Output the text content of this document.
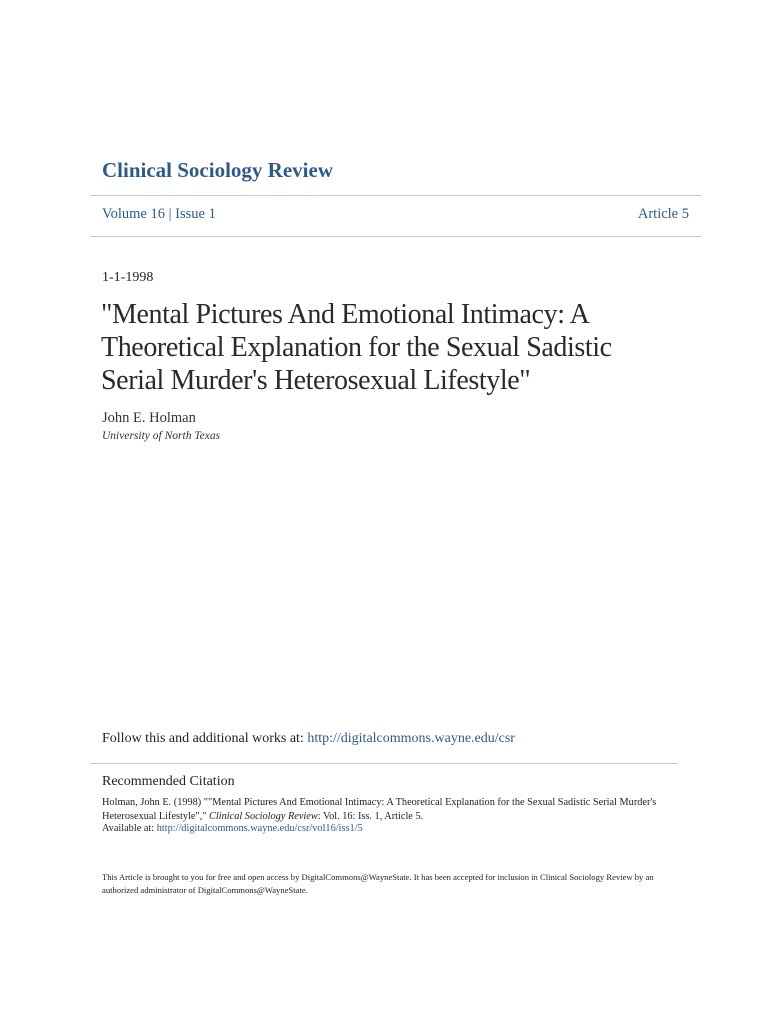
Clinical Sociology Review
Volume 16 | Issue 1	Article 5
1-1-1998
"Mental Pictures And Emotional Intimacy: A Theoretical Explanation for the Sexual Sadistic Serial Murder's Heterosexual Lifestyle"
John E. Holman
University of North Texas
Follow this and additional works at: http://digitalcommons.wayne.edu/csr
Recommended Citation
Holman, John E. (1998) ""Mental Pictures And Emotional Intimacy: A Theoretical Explanation for the Sexual Sadistic Serial Murder's Heterosexual Lifestyle"," Clinical Sociology Review: Vol. 16: Iss. 1, Article 5.
Available at: http://digitalcommons.wayne.edu/csr/vol16/iss1/5
This Article is brought to you for free and open access by DigitalCommons@WayneState. It has been accepted for inclusion in Clinical Sociology Review by an authorized administrator of DigitalCommons@WayneState.
